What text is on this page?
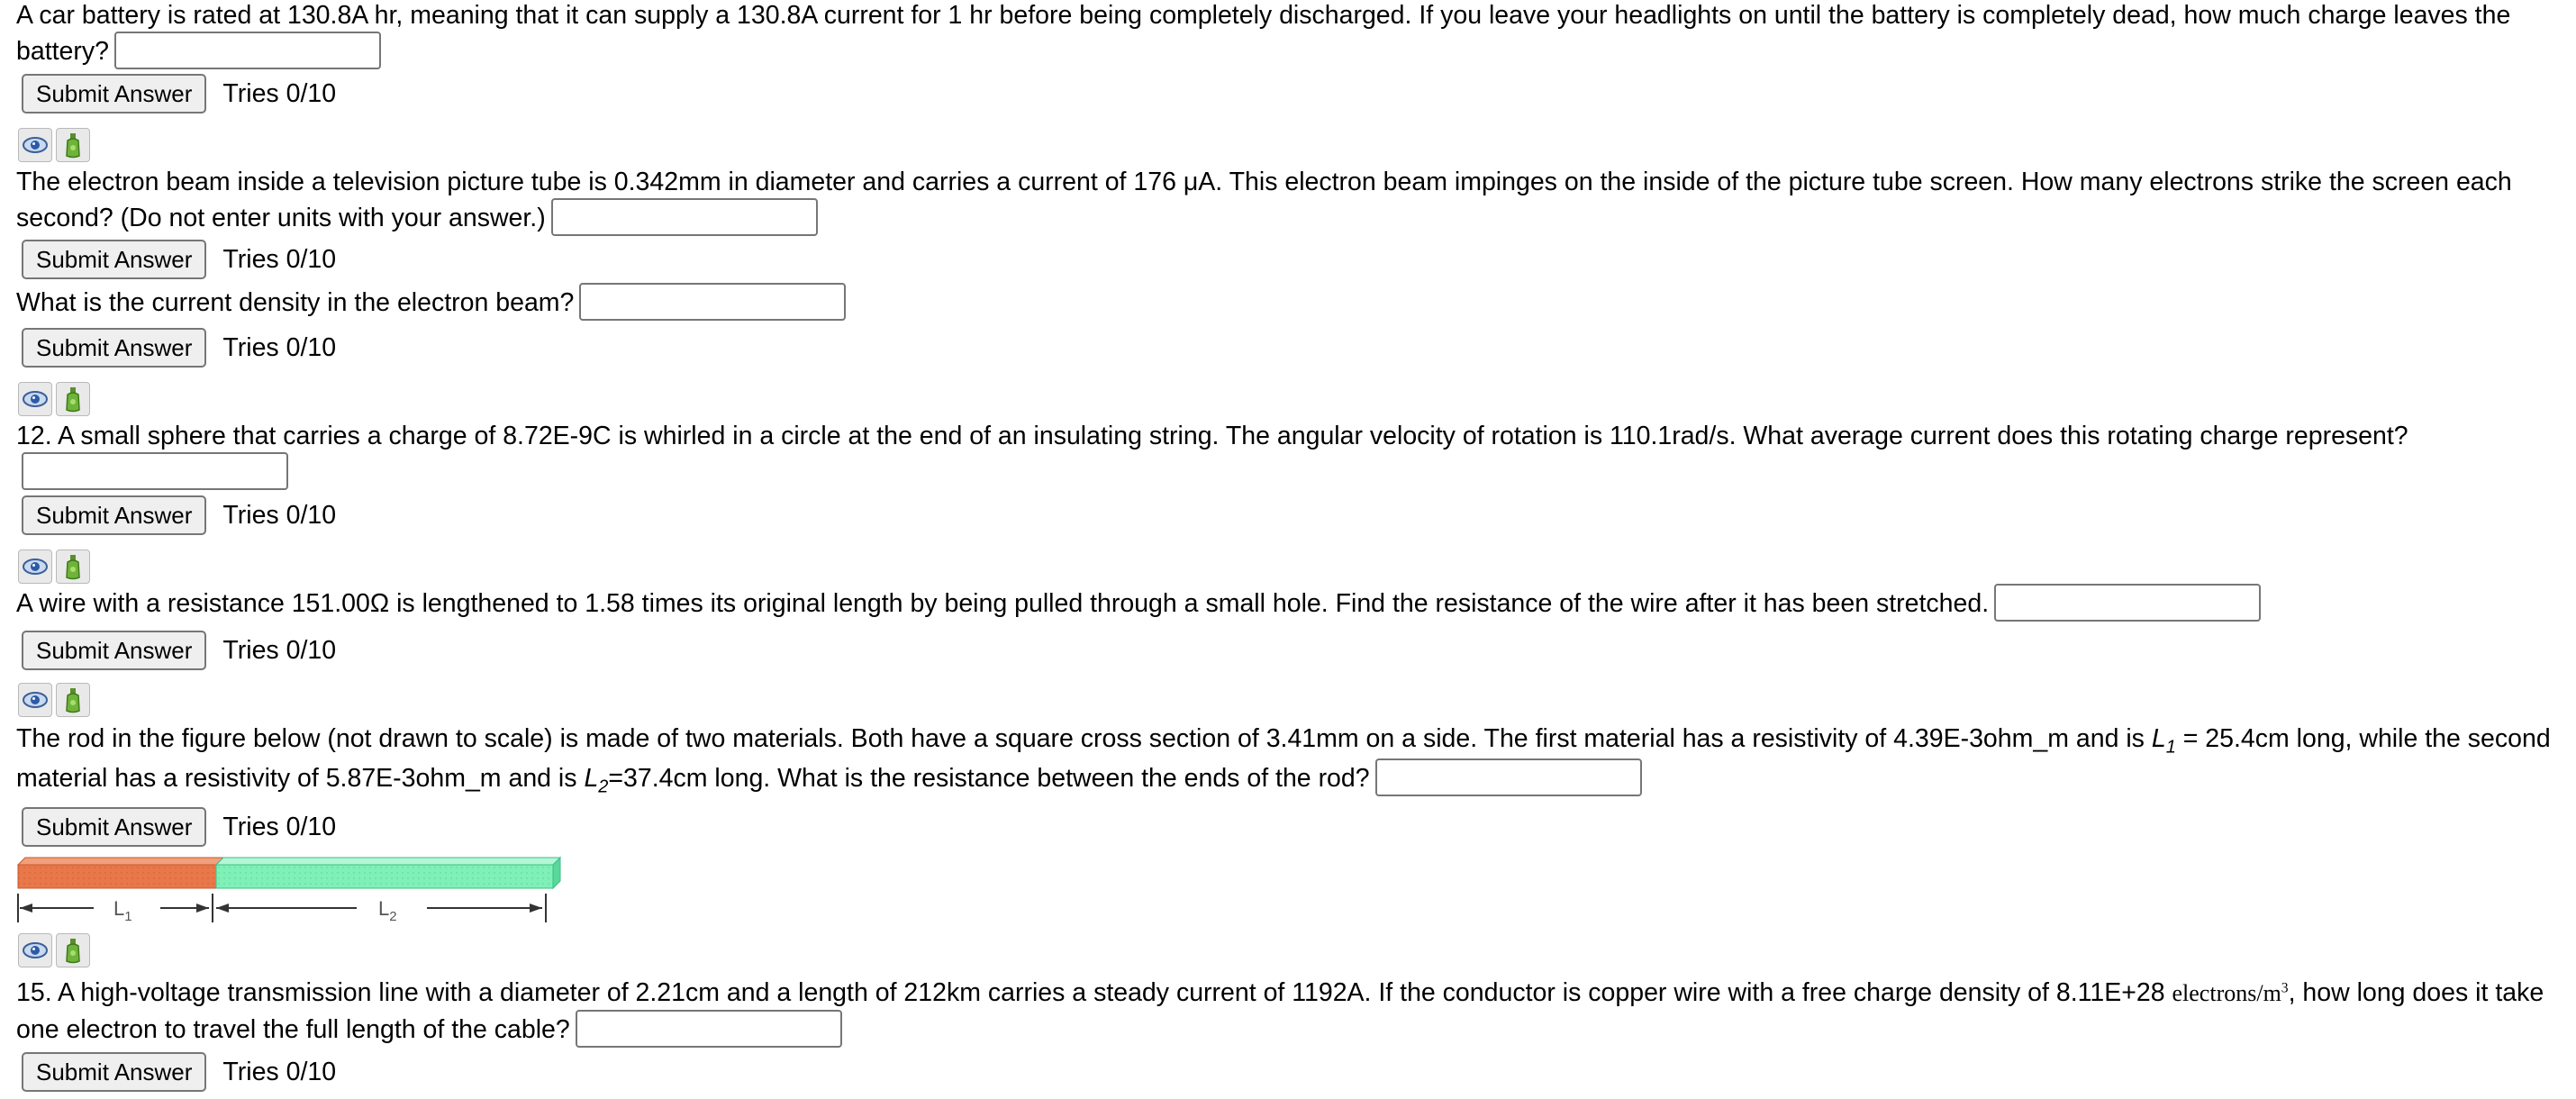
A car battery is rated at 130.8A hr, meaning that it can supply a 130.8A current for 1 hr before being completely discharged. If you leave your headlights on until the battery is completely dead, how much charge leaves the battery?
Submit Answer	Tries 0/10
The electron beam inside a television picture tube is 0.342mm in diameter and carries a current of 176 μA. This electron beam impinges on the inside of the picture tube screen. How many electrons strike the screen each second? (Do not enter units with your answer.)
Submit Answer	Tries 0/10
What is the current density in the electron beam?
Submit Answer	Tries 0/10
12. A small sphere that carries a charge of 8.72E-9C is whirled in a circle at the end of an insulating string. The angular velocity of rotation is 110.1rad/s. What average current does this rotating charge represent?
Submit Answer	Tries 0/10
A wire with a resistance 151.00Ω is lengthened to 1.58 times its original length by being pulled through a small hole. Find the resistance of the wire after it has been stretched.
Submit Answer	Tries 0/10
The rod in the figure below (not drawn to scale) is made of two materials. Both have a square cross section of 3.41mm on a side. The first material has a resistivity of 4.39E-3ohm_m and is $L_1 = 25.4cm$ long, while the second material has a resistivity of 5.87E-3ohm_m and is $L_2=37.4cm$ long. What is the resistance between the ends of the rod?
Submit Answer	Tries 0/10
$L_1$	$L_2$
15. A high-voltage transmission line with a diameter of 2.21cm and a length of 212km carries a steady current of 1192A. If the conductor is copper wire with a free charge density of 8.11E+28 electrons/$m^3$, how long does it take one electron to travel the full length of the cable?
Submit Answer	Tries 0/10
